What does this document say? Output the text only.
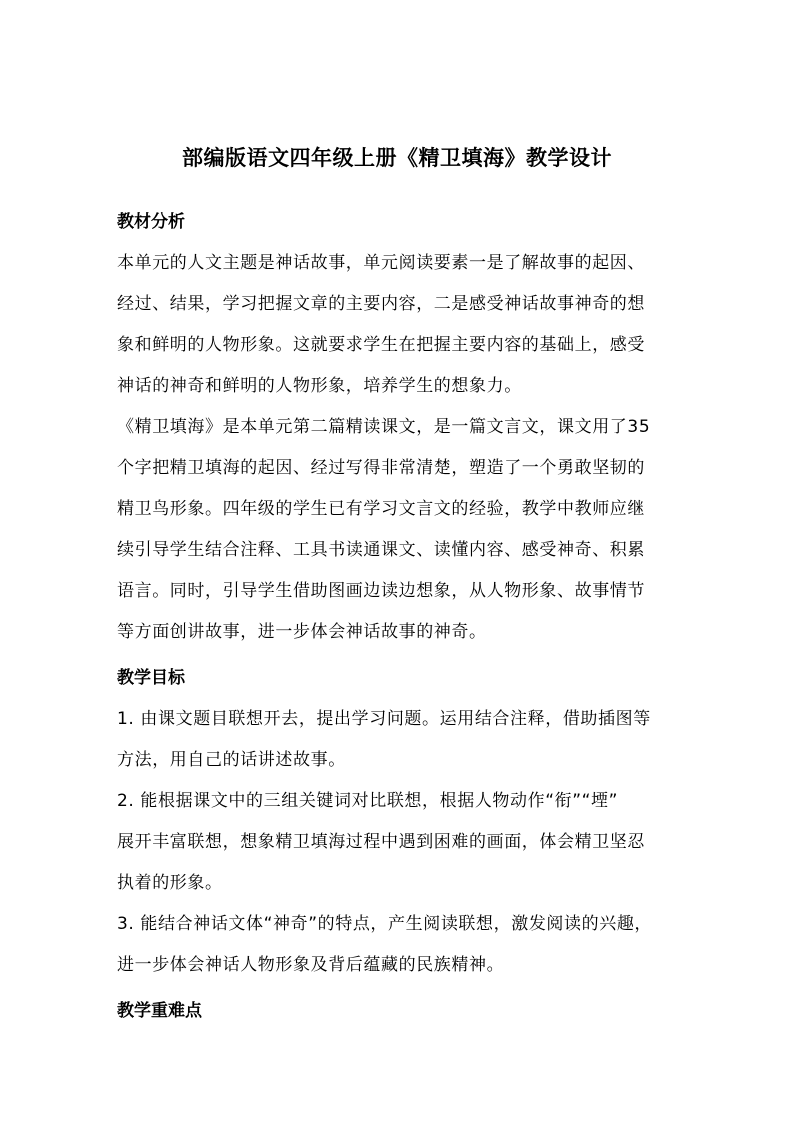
部编版语文四年级上册《精卫填海》教学设计
教材分析
本单元的人文主题是神话故事，单元阅读要素一是了解故事的起因、
经过、结果，学习把握文章的主要内容，二是感受神话故事神奇的想
象和鲜明的人物形象。这就要求学生在把握主要内容的基础上，感受
神话的神奇和鲜明的人物形象，培养学生的想象力。
《精卫填海》是本单元第二篇精读课文，是一篇文言文，课文用了35
个字把精卫填海的起因、经过写得非常清楚，塑造了一个勇敢坚韧的
精卫鸟形象。四年级的学生已有学习文言文的经验，教学中教师应继
续引导学生结合注释、工具书读通课文、读懂内容、感受神奇、积累
语言。同时，引导学生借助图画边读边想象，从人物形象、故事情节
等方面创讲故事，进一步体会神话故事的神奇。
教学目标
1. 由课文题目联想开去，提出学习问题。运用结合注释，借助插图等
方法，用自己的话讲述故事。
2. 能根据课文中的三组关键词对比联想，根据人物动作“衔”“堙”
展开丰富联想，想象精卫填海过程中遇到困难的画面，体会精卫坚忍
执着的形象。
3. 能结合神话文体“神奇”的特点，产生阅读联想，激发阅读的兴趣，
进一步体会神话人物形象及背后蕴藏的民族精神。
教学重难点
